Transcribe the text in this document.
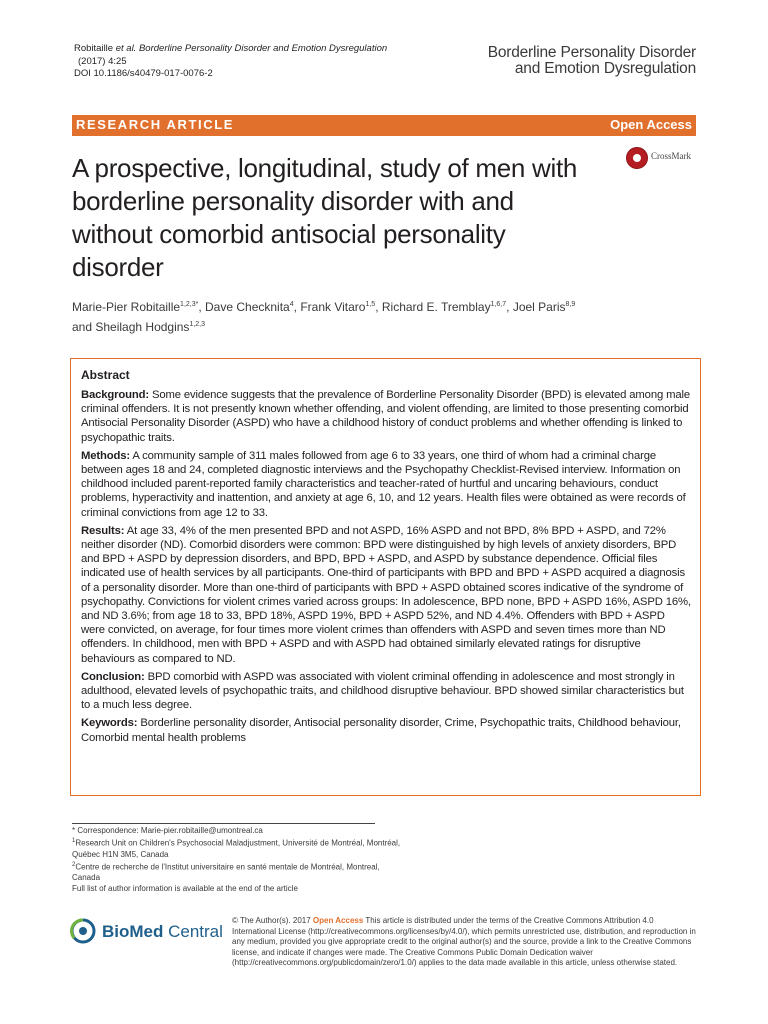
Robitaille et al. Borderline Personality Disorder and Emotion Dysregulation
(2017) 4:25
DOI 10.1186/s40479-017-0076-2
Borderline Personality Disorder
and Emotion Dysregulation
RESEARCH ARTICLE	Open Access
A prospective, longitudinal, study of men with borderline personality disorder with and without comorbid antisocial personality disorder
CrossMark
Marie-Pier Robitaille$^{1,2,3*}$, Dave Checknita$^4$, Frank Vitaro$^{1,5}$, Richard E. Tremblay$^{1,6,7}$, Joel Paris$^{8,9}$
and Sheilagh Hodgins$^{1,2,3}$
Abstract

Background: Some evidence suggests that the prevalence of Borderline Personality Disorder (BPD) is elevated among male criminal offenders. It is not presently known whether offending, and violent offending, are limited to those presenting comorbid Antisocial Personality Disorder (ASPD) who have a childhood history of conduct problems and whether offending is linked to psychopathic traits.

Methods: A community sample of 311 males followed from age 6 to 33 years, one third of whom had a criminal charge between ages 18 and 24, completed diagnostic interviews and the Psychopathy Checklist-Revised interview. Information on childhood included parent-reported family characteristics and teacher-rated of hurtful and uncaring behaviours, conduct problems, hyperactivity and inattention, and anxiety at age 6, 10, and 12 years. Health files were obtained as were records of criminal convictions from age 12 to 33.

Results: At age 33, 4% of the men presented BPD and not ASPD, 16% ASPD and not BPD, 8% BPD + ASPD, and 72% neither disorder (ND). Comorbid disorders were common: BPD were distinguished by high levels of anxiety disorders, BPD and BPD + ASPD by depression disorders, and BPD, BPD + ASPD, and ASPD by substance dependence. Official files indicated use of health services by all participants. One-third of participants with BPD and BPD + ASPD acquired a diagnosis of a personality disorder. More than one-third of participants with BPD + ASPD obtained scores indicative of the syndrome of psychopathy. Convictions for violent crimes varied across groups: In adolescence, BPD none, BPD + ASPD 16%, ASPD 16%, and ND 3.6%; from age 18 to 33, BPD 18%, ASPD 19%, BPD + ASPD 52%, and ND 4.4%. Offenders with BPD + ASPD were convicted, on average, for four times more violent crimes than offenders with ASPD and seven times more than ND offenders. In childhood, men with BPD + ASPD and with ASPD had obtained similarly elevated ratings for disruptive behaviours as compared to ND.

Conclusion: BPD comorbid with ASPD was associated with violent criminal offending in adolescence and most strongly in adulthood, elevated levels of psychopathic traits, and childhood disruptive behaviour. BPD showed similar characteristics but to a much less degree.

Keywords: Borderline personality disorder, Antisocial personality disorder, Crime, Psychopathic traits, Childhood behaviour, Comorbid mental health problems

* Correspondence: Marie-pier.robitaille@umontreal.ca
$^1$Research Unit on Children's Psychosocial Maladjustment, Université de Montréal, Montréal, Québec H1N 3M5, Canada
$^2$Centre de recherche de l'Institut universitaire en santé mentale de Montréal, Montreal, Canada
Full list of author information is available at the end of the article
BioMed Central
© The Author(s). 2017 Open Access This article is distributed under the terms of the Creative Commons Attribution 4.0 International License (http://creativecommons.org/licenses/by/4.0/), which permits unrestricted use, distribution, and reproduction in any medium, provided you give appropriate credit to the original author(s) and the source, provide a link to the Creative Commons license, and indicate if changes were made. The Creative Commons Public Domain Dedication waiver (http://creativecommons.org/publicdomain/zero/1.0/) applies to the data made available in this article, unless otherwise stated.
